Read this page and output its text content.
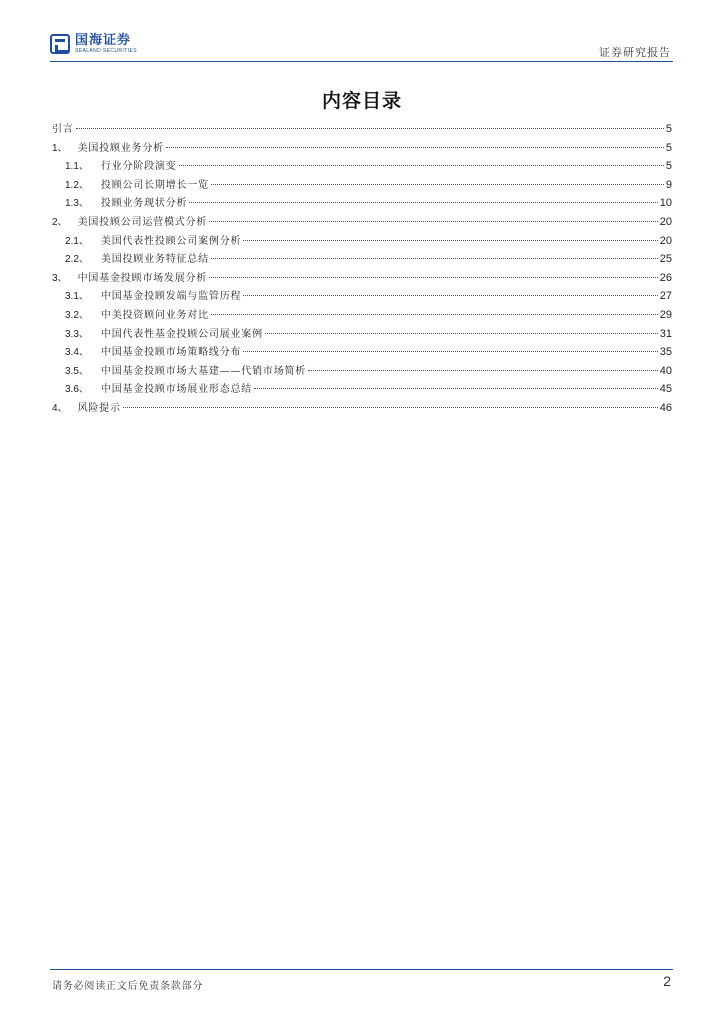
国海证券
SEALAND SECURITIES	证券研究报告
内容目录
引言	5
1、 美国投顾业务分析	5
1.1、 行业分阶段演变	5
1.2、 投顾公司长期增长一览	9
1.3、 投顾业务现状分析	10
2、 美国投顾公司运营模式分析	20
2.1、 美国代表性投顾公司案例分析	20
2.2、 美国投顾业务特征总结	25
3、 中国基金投顾市场发展分析	26
3.1、 中国基金投顾发端与监管历程	27
3.2、 中美投资顾问业务对比	29
3.3、 中国代表性基金投顾公司展业案例	31
3.4、 中国基金投顾市场策略线分布	35
3.5、 中国基金投顾市场大基建——代销市场简析	40
3.6、 中国基金投顾市场展业形态总结	45
4、 风险提示	46
请务必阅读正文后免责条款部分	2
